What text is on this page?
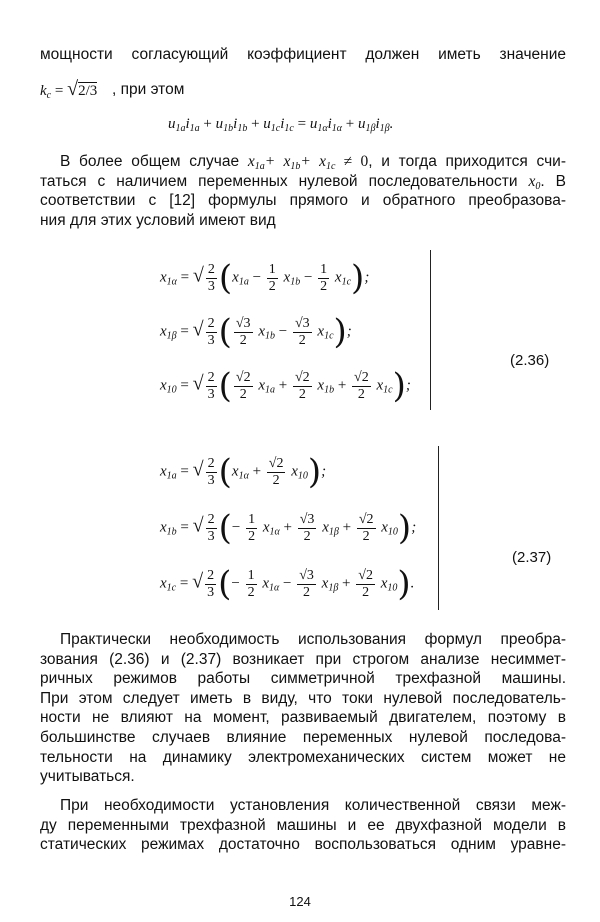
мощности согласующий коэффициент должен иметь значение
$k_c = √2/3$ , при этом
$u_{1a}i_{1a} + u_{1b}i_{1b} + u_{1c}i_{1c} = u_{1\alpha}i_{1\alpha} + u_{1\beta}i_{1\beta}$.
В более общем случае $x_{1a}+ x_{1b}+ x_{1c} \ne 0$, и тогда приходится счи-
таться с наличием переменных нулевой последовательности $x_0$. В
соответствии с [12] формулы прямого и обратного преобразова-
ния для этих условий имеют вид
$x_{1\alpha}$ = √ $\frac{2}{3} (x_{1a} - \frac{1}{2} x_{1b} - \frac{1}{2} x_{1c})$;
$x_{1\beta}$ = √ $\frac{2}{3}$ ( $\frac{√3}{2} x_{1b} - \frac{√3}{2} x_{1c}$);
$x_{10}$ = √ $\frac{2}{3}$ ( $\frac{√2}{2} x_{1a} + \frac{√2}{2} x_{1b} + \frac{√2}{2} x_{1c}$);
(2.36)
$x_{1a}$ = √ $\frac{2}{3} (x_{1\alpha} + \frac{√2}{2} x_{10})$;
$x_{1b}$ = √ $\frac{2}{3}$ (− $\frac{1}{2} x_{1\alpha} + \frac{√3}{2} x_{1\beta} + \frac{√2}{2} x_{10}$);
$x_{1c}$ = √ $\frac{2}{3}$ (− $\frac{1}{2} x_{1\alpha} - \frac{√3}{2} x_{1\beta} + \frac{√2}{2} x_{10}$).
(2.37)
Практически необходимость использования формул преобра-
зования (2.36) и (2.37) возникает при строгом анализе несиммет-
ричных режимов работы симметричной трехфазной машины.
При этом следует иметь в виду, что токи нулевой последователь-
ности не влияют на момент, развиваемый двигателем, поэтому в
большинстве случаев влияние переменных нулевой последова-
тельности на динамику электромеханических систем может не
учитываться.
При необходимости установления количественной связи меж-
ду переменными трехфазной машины и ее двухфазной модели в
статических режимах достаточно воспользоваться одним уравне-
124
